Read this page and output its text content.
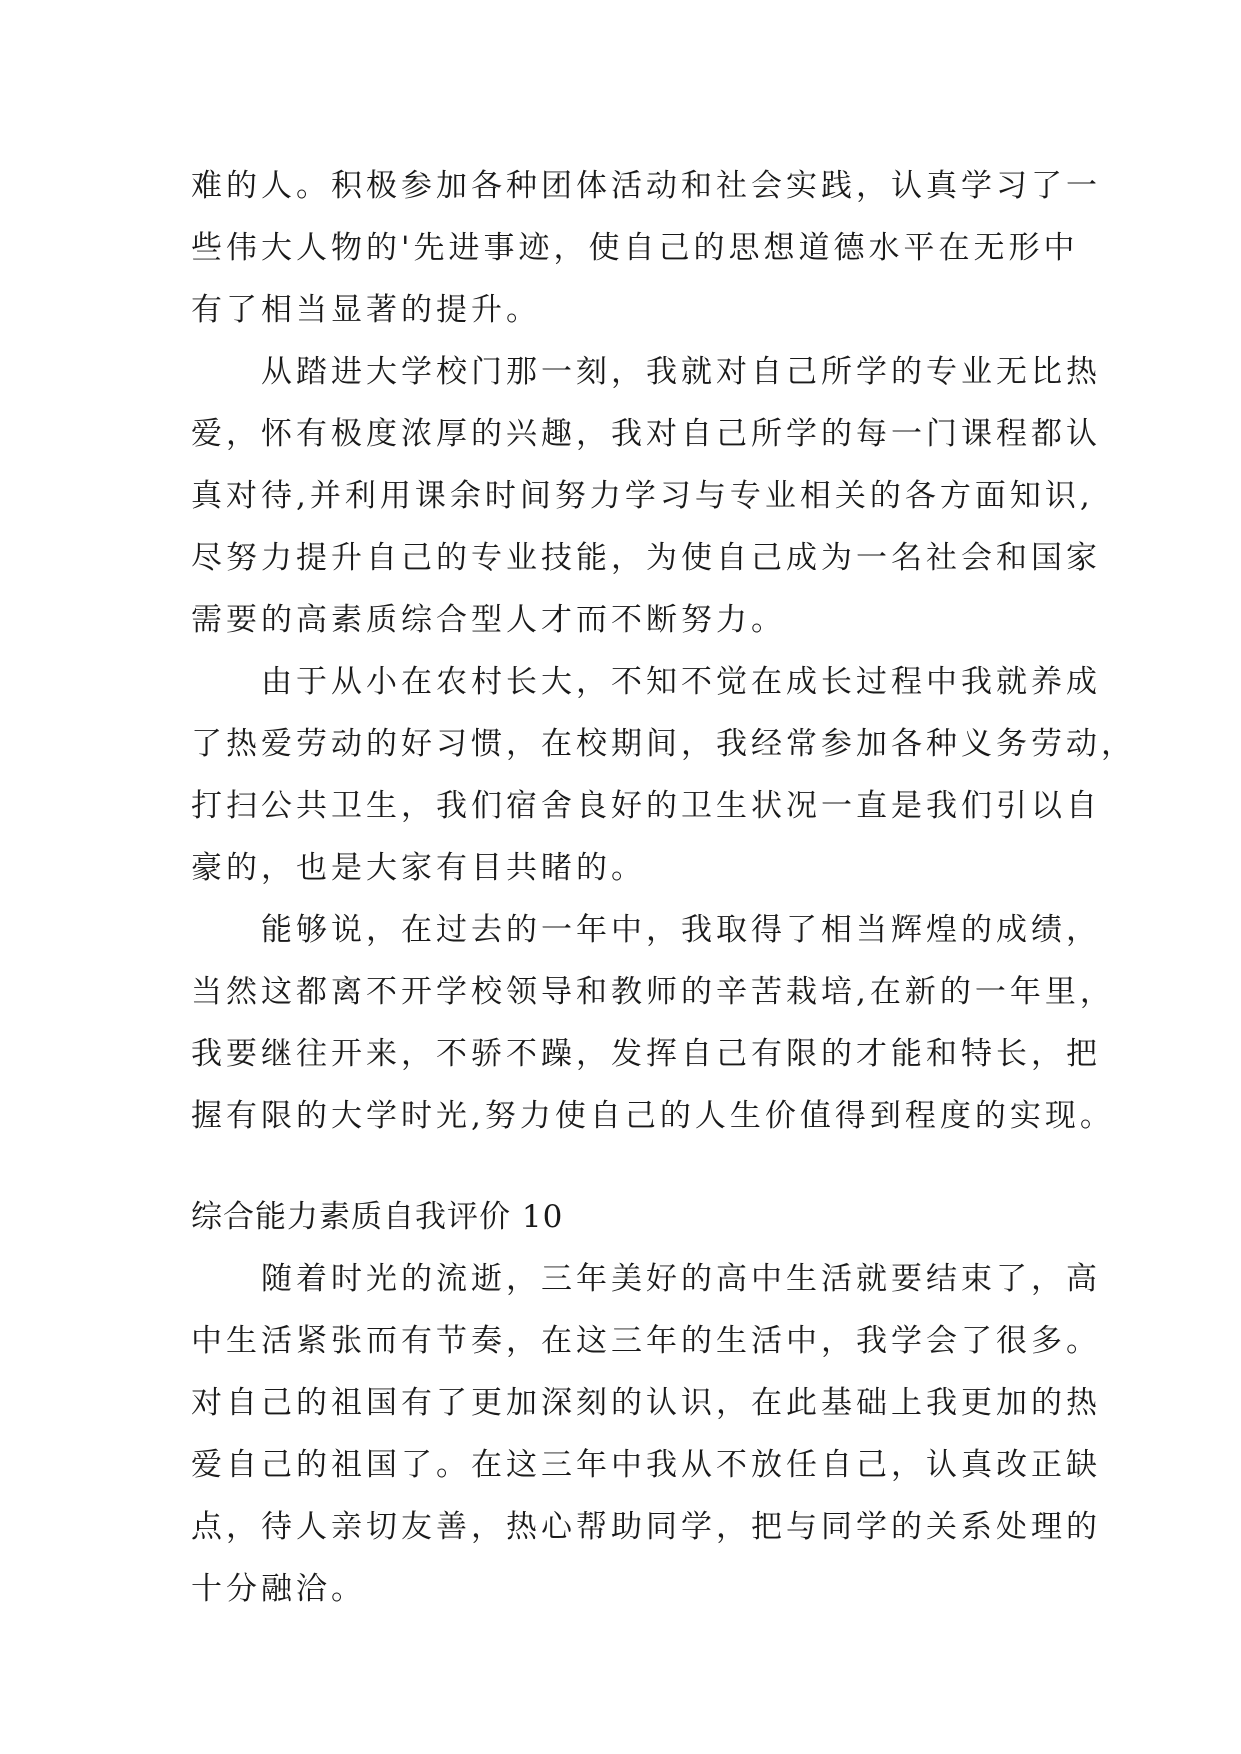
难的人。积极参加各种团体活动和社会实践，认真学习了一
些伟大人物的'先进事迹，使自己的思想道德水平在无形中
有了相当显著的提升。
从踏进大学校门那一刻，我就对自己所学的专业无比热
爱，怀有极度浓厚的兴趣，我对自己所学的每一门课程都认
真对待,并利用课余时间努力学习与专业相关的各方面知识,
尽努力提升自己的专业技能，为使自己成为一名社会和国家
需要的高素质综合型人才而不断努力。
由于从小在农村长大，不知不觉在成长过程中我就养成
了热爱劳动的好习惯，在校期间，我经常参加各种义务劳动，
打扫公共卫生，我们宿舍良好的卫生状况一直是我们引以自
豪的，也是大家有目共睹的。
能够说，在过去的一年中，我取得了相当辉煌的成绩，
当然这都离不开学校领导和教师的辛苦栽培,在新的一年里，
我要继往开来，不骄不躁，发挥自己有限的才能和特长，把
握有限的大学时光,努力使自己的人生价值得到程度的实现。
综合能力素质自我评价 10
随着时光的流逝，三年美好的高中生活就要结束了，高
中生活紧张而有节奏，在这三年的生活中，我学会了很多。
对自己的祖国有了更加深刻的认识，在此基础上我更加的热
爱自己的祖国了。在这三年中我从不放任自己，认真改正缺
点，待人亲切友善，热心帮助同学，把与同学的关系处理的
十分融洽。
